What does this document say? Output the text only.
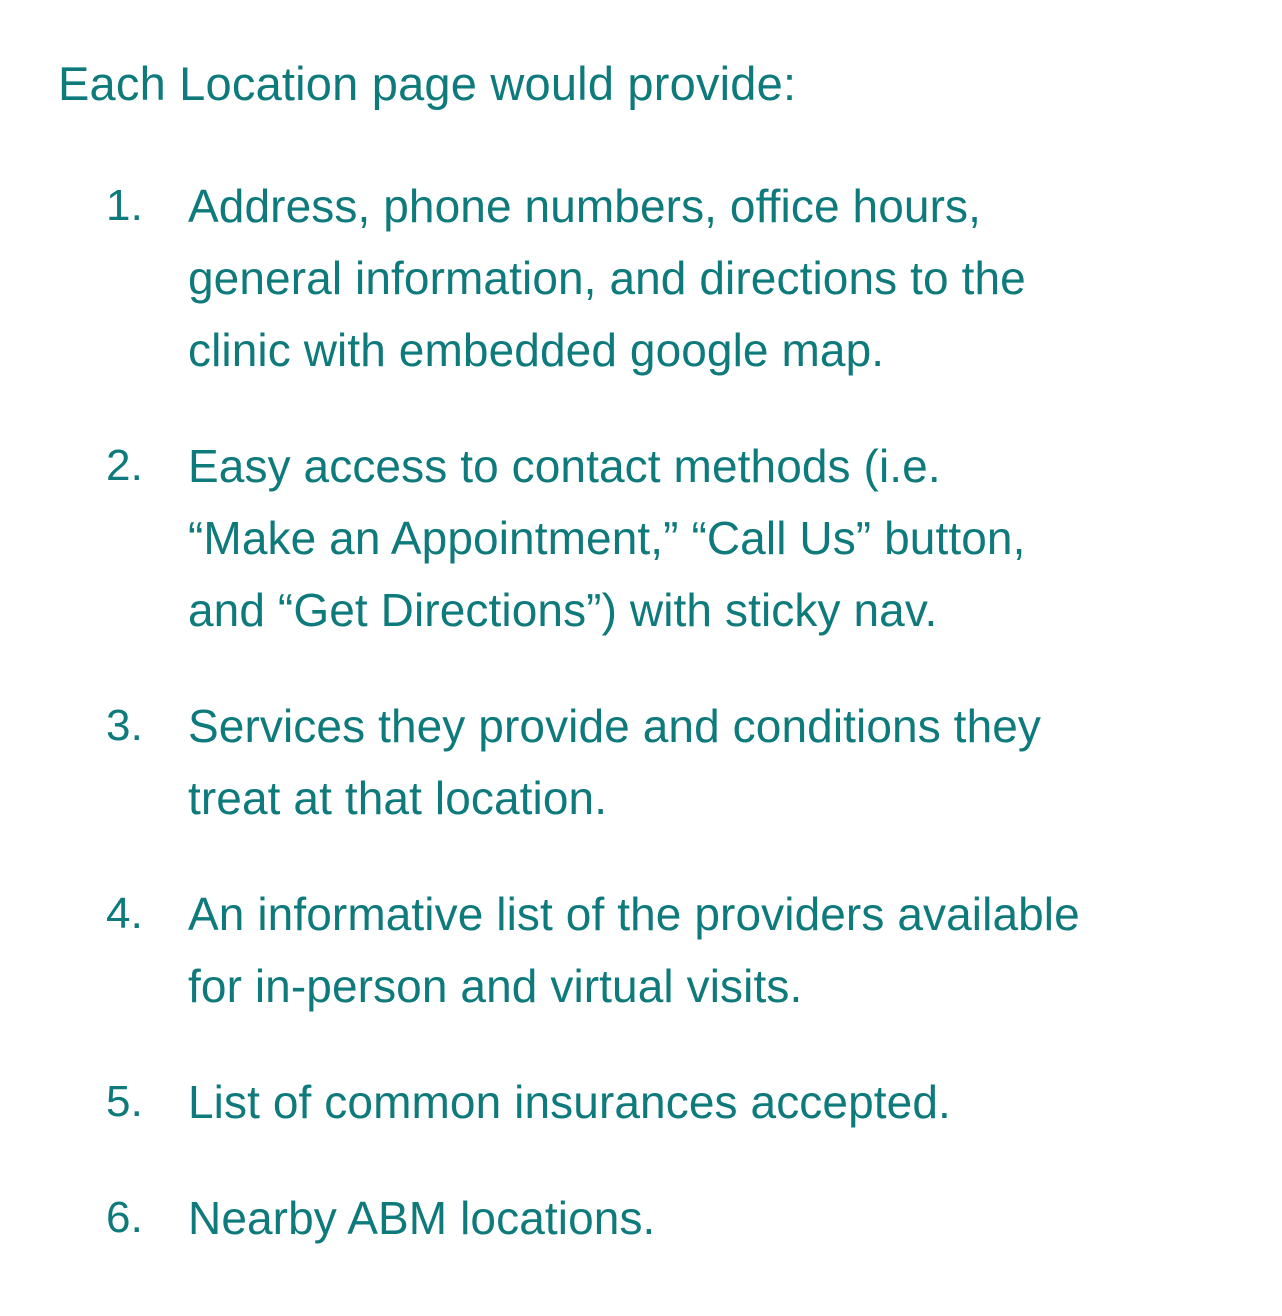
Each Location page would provide:

1. Address, phone numbers, office hours,
general information, and directions to the
clinic with embedded google map.
2. Easy access to contact methods (i.e.
“Make an Appointment,” “Call Us” button,
and “Get Directions”) with sticky nav.
3. Services they provide and conditions they
treat at that location.
4. An informative list of the providers available
for in-person and virtual visits.
5. List of common insurances accepted.
6. Nearby ABM locations.
